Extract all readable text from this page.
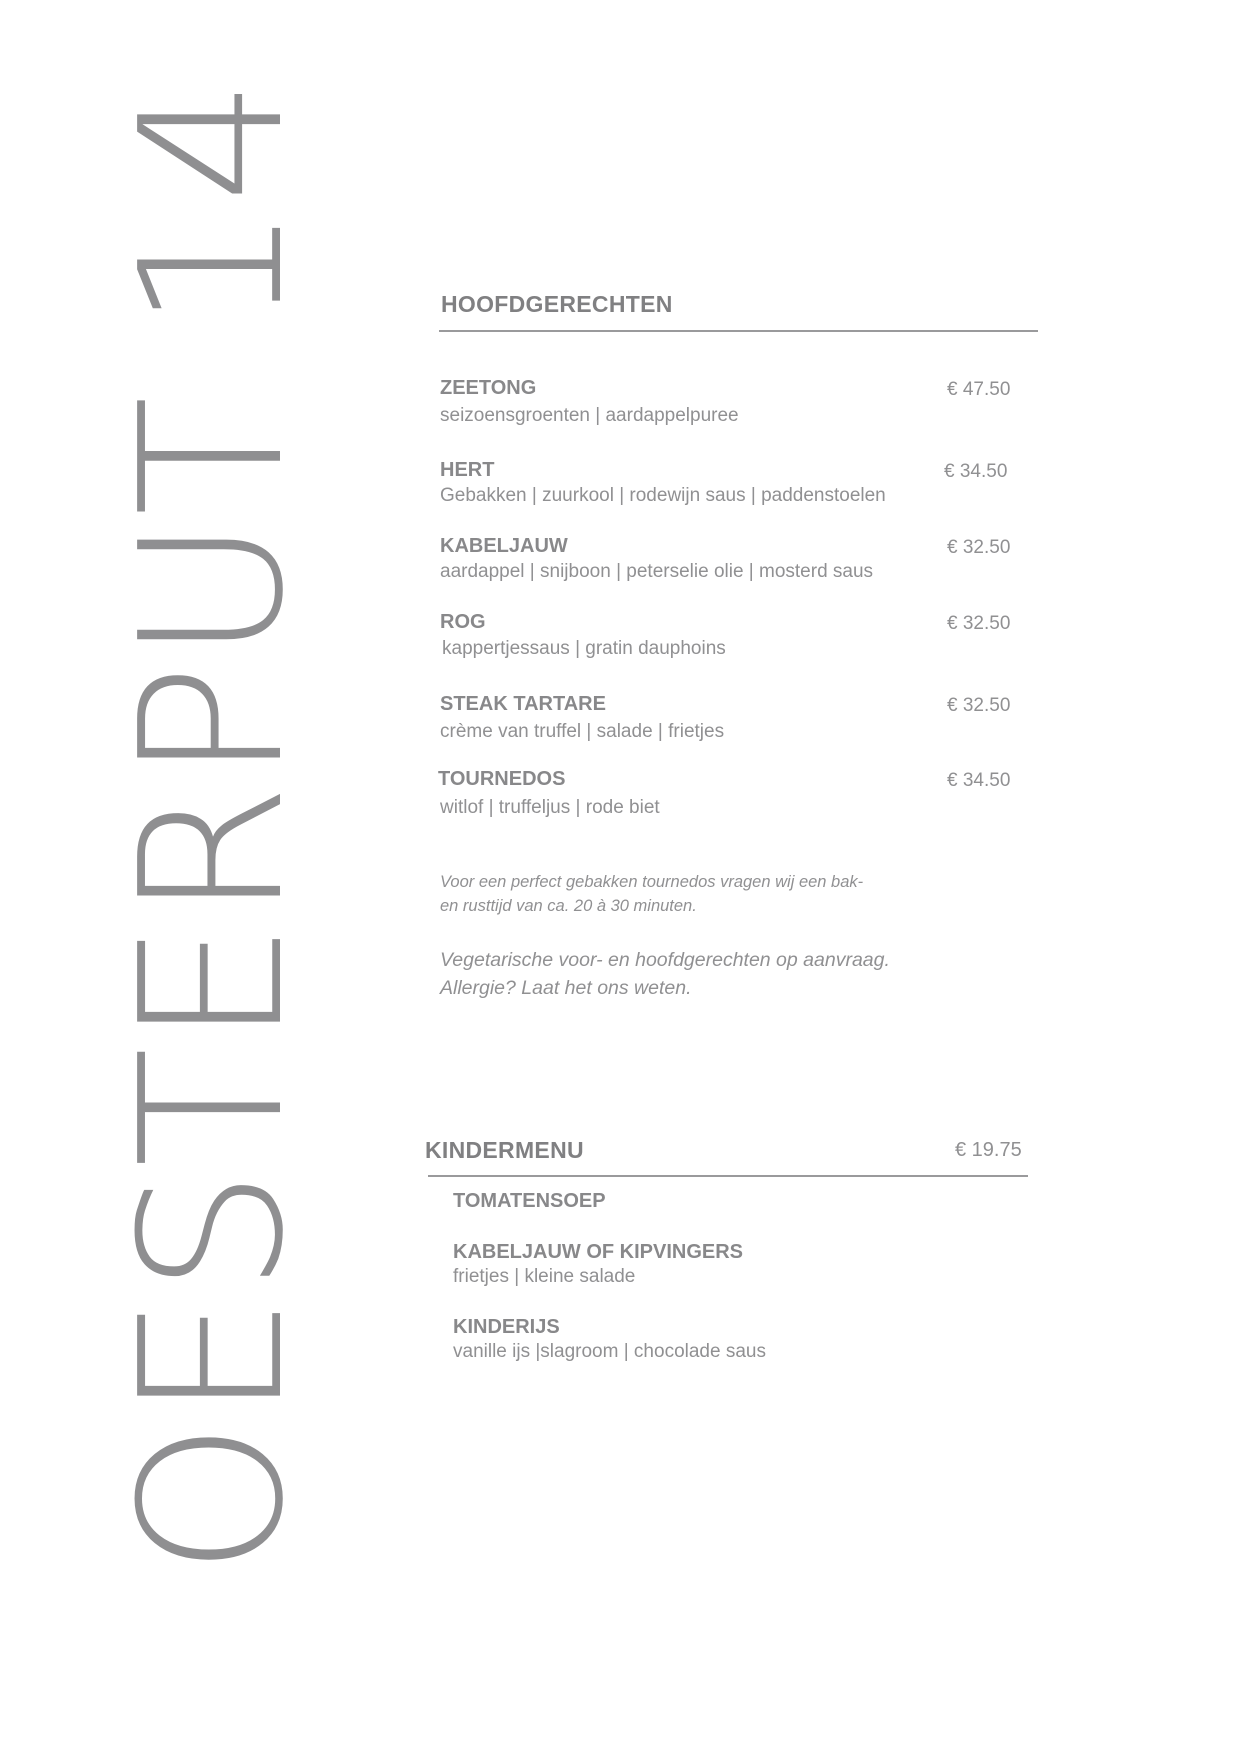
OESTERPUT 14	HOOFDGERECHTEN
ZEETONG	€ 47.50
seizoensgroenten | aardappelpuree
HERT	€ 34.50
Gebakken | zuurkool | rodewijn saus | paddenstoelen
KABELJAUW	€ 32.50
aardappel | snijboon | peterselie olie | mosterd saus
ROG	€ 32.50
kappertjessaus | gratin dauphoins
STEAK TARTARE	€ 32.50
crème van truffel | salade | frietjes
TOURNEDOS	€ 34.50
witlof | truffeljus | rode biet
Voor een perfect gebakken tournedos vragen wij een bak-
en rusttijd van ca. 20 à 30 minuten.
Vegetarische voor- en hoofdgerechten op aanvraag.
Allergie? Laat het ons weten.
KINDERMENU	€ 19.75
TOMATENSOEP
KABELJAUW OF KIPVINGERS
frietjes | kleine salade
KINDERIJS
vanille ijs |slagroom | chocolade saus
